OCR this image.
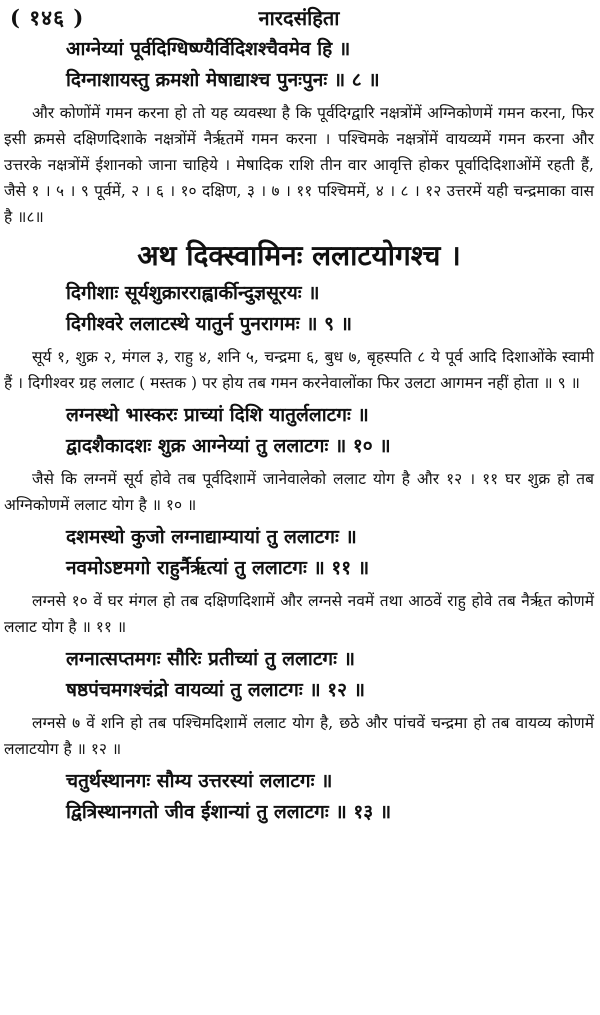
( १४६ )	नारदसंहिता
आग्नेय्यां पूर्वदिग्धिष्ण्यैर्विदिशश्चैवमेव हि ॥
दिग्नाशायस्तु क्रमशो मेषाद्याश्च पुनःपुनः ॥ ८ ॥

और कोणोंमें गमन करना हो तो यह व्यवस्था है कि पूर्वदिग्द्वारि नक्षत्रोंमें अग्निकोणमें गमन करना, फिर इसी क्रमसे दक्षिणदिशाके नक्षत्रोंमें नैर्ऋतमें गमन करना । पश्चिमके नक्षत्रोंमें वायव्यमें गमन करना और उत्तरके नक्षत्रोंमें ईशानको जाना चाहिये । मेषादिक राशि तीन वार आवृत्ति होकर पूर्वादिदिशाओंमें रहती हैं, जैसे १ । ५ । ९ पूर्वमें, २ । ६ । १० दक्षिण, ३ । ७ । ११ पश्चिममें, ४ । ८ । १२ उत्तरमें यही चन्द्रमाका वास है ॥८॥

अथ दिक्स्वामिनः ललाटयोगश्च ।
दिगीशाः सूर्यशुक्रारराह्वार्कीन्दुज्ञसूरयः ॥
दिगीश्वरे ललाटस्थे यातुर्न पुनरागमः ॥ ९ ॥

सूर्य १, शुक्र २, मंगल ३, राहु ४, शनि ५, चन्द्रमा ६, बुध ७, बृहस्पति ८ ये पूर्व आदि दिशाओंके स्वामी हैं । दिगीश्वर ग्रह ललाट ( मस्तक ) पर होय तब गमन करनेवालोंका फिर उलटा आगमन नहीं होता ॥ ९ ॥

लग्नस्थो भास्करः प्राच्यां दिशि यातुर्ललाटगः ॥
द्वादशैकादशः शुक्र आग्नेय्यां तु ललाटगः ॥ १० ॥

जैसे कि लग्नमें सूर्य होवे तब पूर्वदिशामें जानेवालेको ललाट योग है और १२ । ११ घर शुक्र हो तब अग्निकोणमें ललाट योग है ॥ १० ॥

दशमस्थो कुजो लग्नाद्याम्यायां तु ललाटगः ॥
नवमोऽष्टमगो राहुर्नैर्ऋत्यां तु ललाटगः ॥ ११ ॥

लग्नसे १० वें घर मंगल हो तब दक्षिणदिशामें और लग्नसे नवमें तथा आठवें राहु होवे तब नैर्ऋत कोणमें ललाट योग है ॥ ११ ॥

लग्नात्सप्तमगः सौरिः प्रतीच्यां तु ललाटगः ॥
षष्ठपंचमगश्चंद्रो वायव्यां तु ललाटगः ॥ १२ ॥

लग्नसे ७ वें शनि हो तब पश्चिमदिशामें ललाट योग है, छठे और पांचवें चन्द्रमा हो तब वायव्य कोणमें ललाटयोग है ॥ १२ ॥

चतुर्थस्थानगः सौम्य उत्तरस्यां ललाटगः ॥
द्वित्रिस्थानगतो जीव ईशान्यां तु ललाटगः ॥ १३ ॥
